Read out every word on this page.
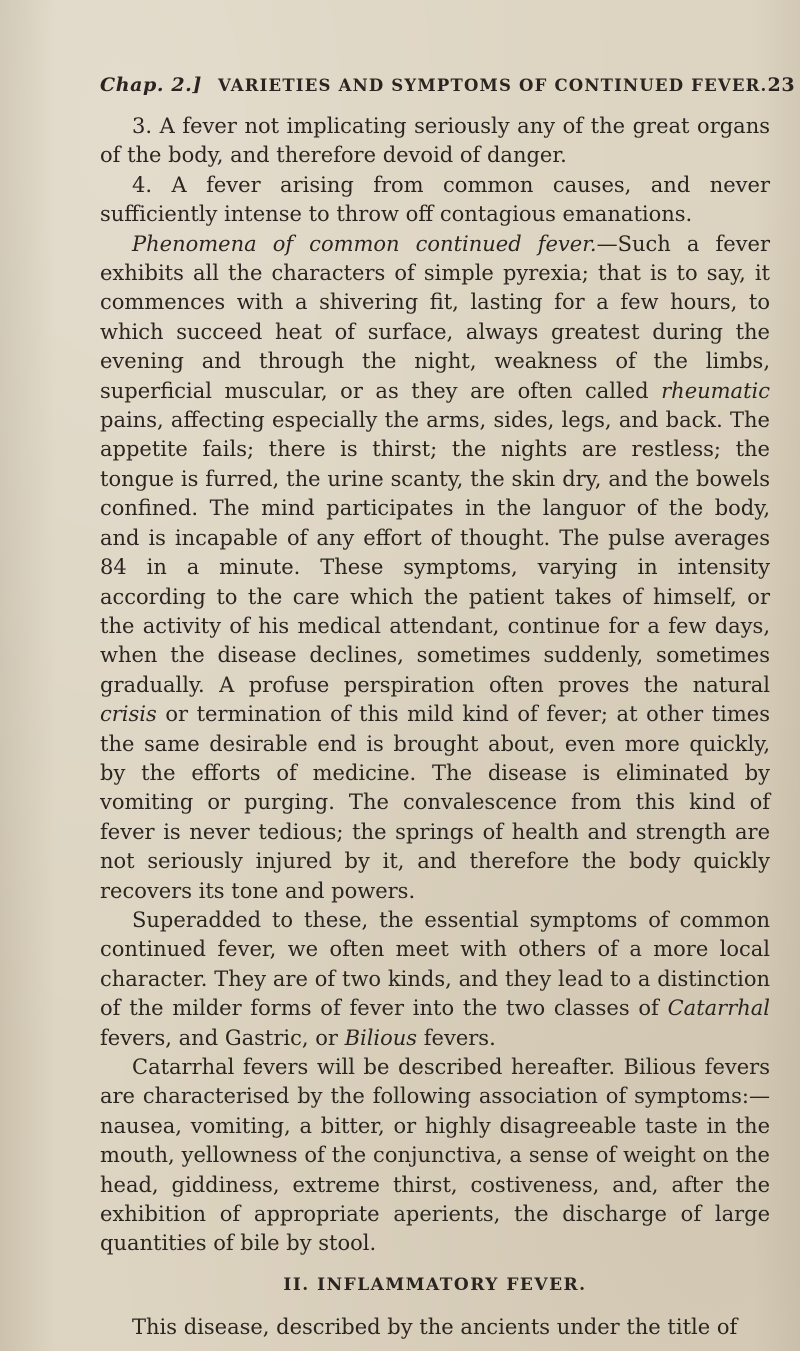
Chap. 2.] VARIETIES AND SYMPTOMS OF CONTINUED FEVER. 23

3. A fever not implicating seriously any of the great organs of the body, and therefore devoid of danger.

4. A fever arising from common causes, and never sufficiently intense to throw off contagious emanations.

Phenomena of common continued fever.—Such a fever exhibits all the characters of simple pyrexia; that is to say, it commences with a shivering fit, lasting for a few hours, to which succeed heat of surface, always greatest during the evening and through the night, weakness of the limbs, superficial muscular, or as they are often called rheumatic pains, affecting especially the arms, sides, legs, and back. The appetite fails; there is thirst; the nights are restless; the tongue is furred, the urine scanty, the skin dry, and the bowels confined. The mind participates in the languor of the body, and is incapable of any effort of thought. The pulse averages 84 in a minute. These symptoms, varying in intensity according to the care which the patient takes of himself, or the activity of his medical attendant, continue for a few days, when the disease declines, sometimes suddenly, sometimes gradually. A profuse perspiration often proves the natural crisis or termination of this mild kind of fever; at other times the same desirable end is brought about, even more quickly, by the efforts of medicine. The disease is eliminated by vomiting or purging. The convalescence from this kind of fever is never tedious; the springs of health and strength are not seriously injured by it, and therefore the body quickly recovers its tone and powers.

Superadded to these, the essential symptoms of common continued fever, we often meet with others of a more local character. They are of two kinds, and they lead to a distinction of the milder forms of fever into the two classes of Catarrhal fevers, and Gastric, or Bilious fevers.

Catarrhal fevers will be described hereafter. Bilious fevers are characterised by the following association of symptoms:—nausea, vomiting, a bitter, or highly disagreeable taste in the mouth, yellowness of the conjunctiva, a sense of weight on the head, giddiness, extreme thirst, costiveness, and, after the exhibition of appropriate aperients, the discharge of large quantities of bile by stool.

II. INFLAMMATORY FEVER.

This disease, described by the ancients under the title of
